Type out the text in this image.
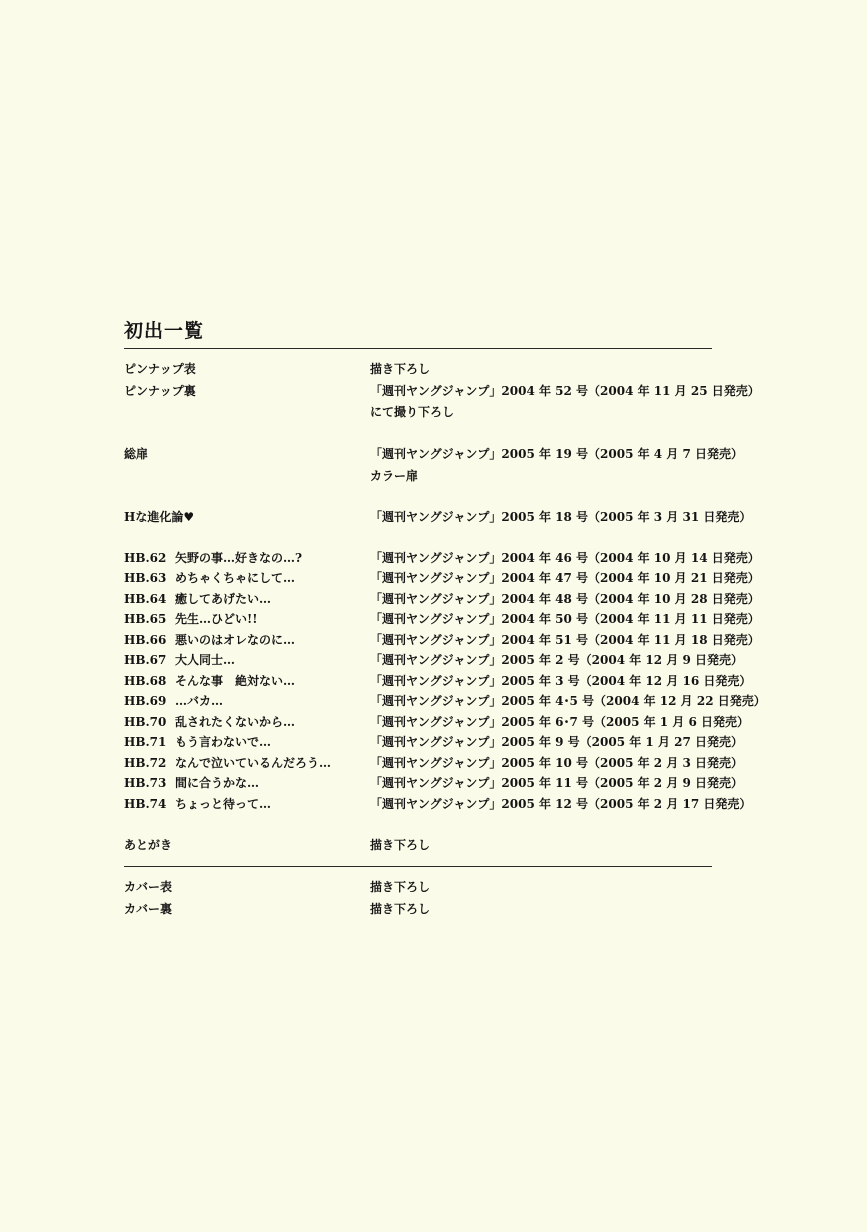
初出一覧
ピンナップ表	描き下ろし
ピンナップ裏	「週刊ヤングジャンプ」2004 年 52 号（2004 年 11 月 25 日発売）
にて撮り下ろし
総扉	「週刊ヤングジャンプ」2005 年 19 号（2005 年 4 月 7 日発売）
カラー扉
Hな進化論♥	「週刊ヤングジャンプ」2005 年 18 号（2005 年 3 月 31 日発売）
HB.62 矢野の事…好きなの…?	「週刊ヤングジャンプ」2004 年 46 号（2004 年 10 月 14 日発売）
HB.63 めちゃくちゃにして…	「週刊ヤングジャンプ」2004 年 47 号（2004 年 10 月 21 日発売）
HB.64 癒してあげたい…	「週刊ヤングジャンプ」2004 年 48 号（2004 年 10 月 28 日発売）
HB.65 先生…ひどい!!	「週刊ヤングジャンプ」2004 年 50 号（2004 年 11 月 11 日発売）
HB.66 悪いのはオレなのに…	「週刊ヤングジャンプ」2004 年 51 号（2004 年 11 月 18 日発売）
HB.67 大人同士…	「週刊ヤングジャンプ」2005 年 2 号（2004 年 12 月 9 日発売）
HB.68 そんな事　絶対ない…	「週刊ヤングジャンプ」2005 年 3 号（2004 年 12 月 16 日発売）
HB.69 …バカ…	「週刊ヤングジャンプ」2005 年 4･5 号（2004 年 12 月 22 日発売）
HB.70 乱されたくないから…	「週刊ヤングジャンプ」2005 年 6･7 号（2005 年 1 月 6 日発売）
HB.71 もう言わないで…	「週刊ヤングジャンプ」2005 年 9 号（2005 年 1 月 27 日発売）
HB.72 なんで泣いているんだろう…	「週刊ヤングジャンプ」2005 年 10 号（2005 年 2 月 3 日発売）
HB.73 間に合うかな…	「週刊ヤングジャンプ」2005 年 11 号（2005 年 2 月 9 日発売）
HB.74 ちょっと待って…	「週刊ヤングジャンプ」2005 年 12 号（2005 年 2 月 17 日発売）
あとがき	描き下ろし
カバー表	描き下ろし
カバー裏	描き下ろし
